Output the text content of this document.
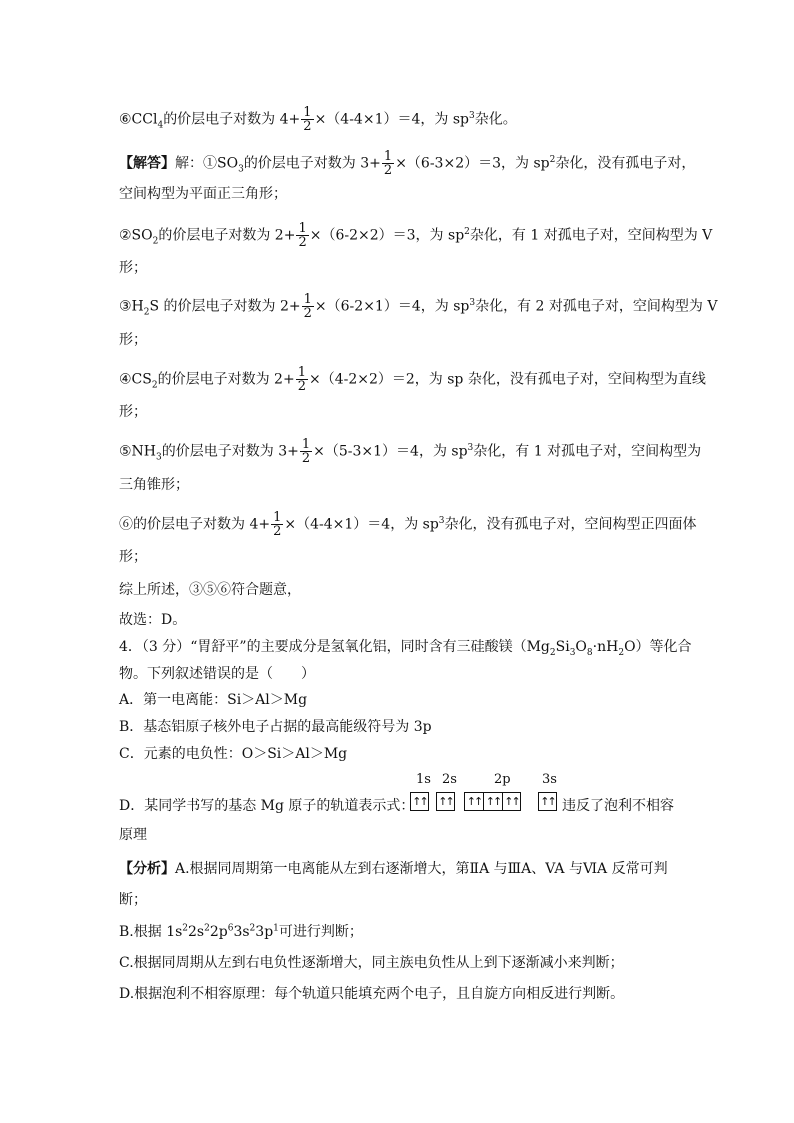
⑥CCl$_4$的价层电子对数为 $4+ \frac{1}{2} \times(4-4\times 1)=4$，为 $sp^3$杂化。
【解答】解：$①SO_3$的价层电子对数为 $3+ \frac{1}{2} \times(6-3\times 2)=3$，为 $sp^2$杂化，没有孤电子对，
空间构型为平面正三角形；
$②SO_2$的价层电子对数为 $2+ \frac{1}{2} \times(6-2\times 2)=3$，为 $sp^2$杂化，有 1 对孤电子对，空间构型为 V
形；
$③H_2S$ 的价层电子对数为 $2+ \frac{1}{2} \times(6-2\times 1)=4$，为 $sp^3$杂化，有 2 对孤电子对，空间构型为 V
形；
$④CS_2$的价层电子对数为 $2+ \frac{1}{2} \times(4-2\times 2)=2$，为 sp 杂化，没有孤电子对，空间构型为直线
形；
$⑤NH_3$的价层电子对数为 $3+ \frac{1}{2} \times(5-3\times 1)=4$，为 $sp^3$杂化，有 1 对孤电子对，空间构型为
三角锥形；
⑥的价层电子对数为 $4+ \frac{1}{2} \times(4-4\times 1)=4$，为 $sp^3$杂化，没有孤电子对，空间构型正四面体
形；
综上所述，③⑤⑥符合题意，
故选：D。
4．（3 分）“胃舒平”的主要成分是氢氧化铝，同时含有三硅酸镁$(Mg_2Si_3O_8\cdot nH_2O)$等化合
物。下列叙述错误的是（　　）
A．第一电离能：Si＞Al＞Mg
B．基态铝原子核外电子占据的最高能级符号为 3p
C．元素的电负性：O＞Si＞Al＞Mg
D．某同学书写的基态 Mg 原子的轨道表示式：
1s 2s	2p 3s
↑↑ ↑↑ ↑↑ ↑↑ ↑↑ ↑↑ 违反了泡利不相容
原理
【分析】A.根据同周期第一电离能从左到右逐渐增大，第ⅡA 与ⅢA、VA 与ⅥA 反常可判
断；
B.根据 $1s^22s^22p^63s^23p^1$可进行判断；
C.根据同周期从左到右电负性逐渐增大，同主族电负性从上到下逐渐减小来判断；
D.根据泡利不相容原理：每个轨道只能填充两个电子，且自旋方向相反进行判断。
